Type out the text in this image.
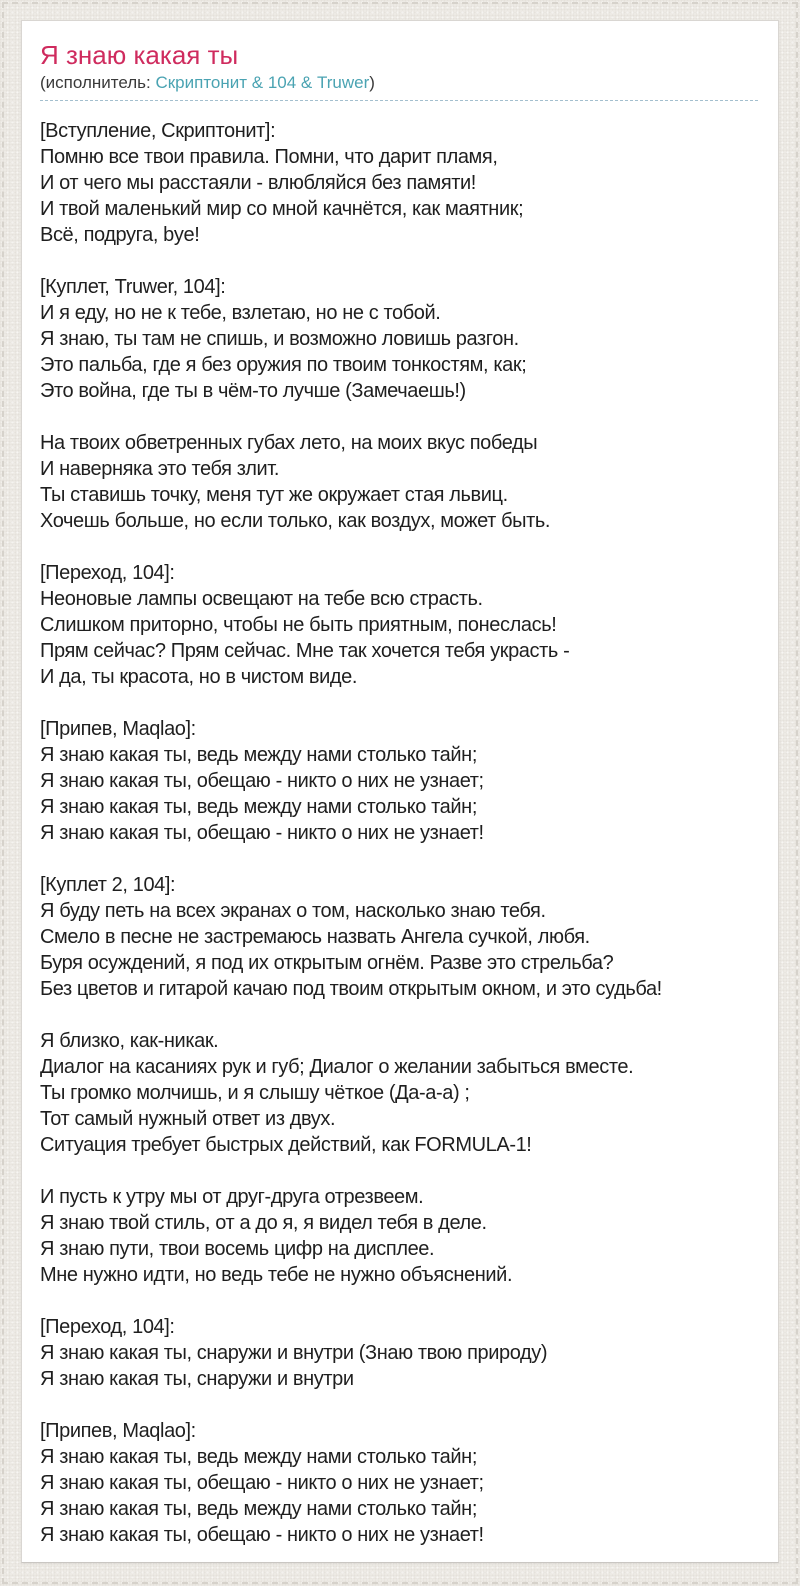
Я знаю какая ты
(исполнитель: Скриптонит & 104 & Truwer)

[Вступление, Скриптонит]:
Помню все твои правила. Помни, что дарит пламя,
И от чего мы расстаяли - влюбляйся без памяти!
И твой маленький мир со мной качнётся, как маятник;
Всё, подруга, bye!

[Куплет, Truwer, 104]:
И я еду, но не к тебе, взлетаю, но не с тобой.
Я знаю, ты там не спишь, и возможно ловишь разгон.
Это пальба, где я без оружия по твоим тонкостям, как;
Это война, где ты в чём-то лучше (Замечаешь!)

На твоих обветренных губах лето, на моих вкус победы
И наверняка это тебя злит.
Ты ставишь точку, меня тут же окружает стая львиц.
Хочешь больше, но если только, как воздух, может быть.

[Переход, 104]:
Неоновые лампы освещают на тебе всю страсть.
Слишком приторно, чтобы не быть приятным, понеслась!
Прям сейчас? Прям сейчас. Мне так хочется тебя украсть -
И да, ты красота, но в чистом виде.

[Припев, Maqlao]:
Я знаю какая ты, ведь между нами столько тайн;
Я знаю какая ты, обещаю - никто о них не узнает;
Я знаю какая ты, ведь между нами столько тайн;
Я знаю какая ты, обещаю - никто о них не узнает!

[Куплет 2, 104]:
Я буду петь на всех экранах о том, насколько знаю тебя.
Смело в песне не застремаюсь назвать Ангела сучкой, любя.
Буря осуждений, я под их открытым огнём. Разве это стрельба?
Без цветов и гитарой качаю под твоим открытым окном, и это судьба!

Я близко, как-никак.
Диалог на касаниях рук и губ; Диалог о желании забыться вместе.
Ты громко молчишь, и я слышу чёткое (Да-а-а) ;
Тот самый нужный ответ из двух.
Ситуация требует быстрых действий, как FORMULA-1!

И пусть к утру мы от друг-друга отрезвеем.
Я знаю твой стиль, от а до я, я видел тебя в деле.
Я знаю пути, твои восемь цифр на дисплее.
Мне нужно идти, но ведь тебе не нужно объяснений.

[Переход, 104]:
Я знаю какая ты, снаружи и внутри (Знаю твою природу)
Я знаю какая ты, снаружи и внутри

[Припев, Maqlao]:
Я знаю какая ты, ведь между нами столько тайн;
Я знаю какая ты, обещаю - никто о них не узнает;
Я знаю какая ты, ведь между нами столько тайн;
Я знаю какая ты, обещаю - никто о них не узнает!
